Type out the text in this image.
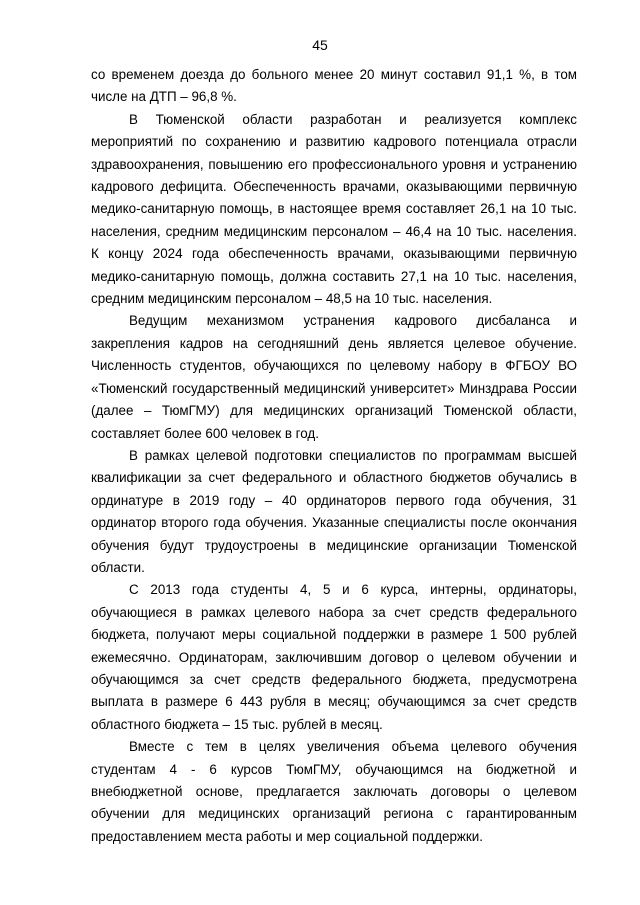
45

со временем доезда до больного менее 20 минут составил 91,1 %, в том числе на ДТП – 96,8 %.

В Тюменской области разработан и реализуется комплекс мероприятий по сохранению и развитию кадрового потенциала отрасли здравоохранения, повышению его профессионального уровня и устранению кадрового дефицита. Обеспеченность врачами, оказывающими первичную медико-санитарную помощь, в настоящее время составляет 26,1 на 10 тыс. населения, средним медицинским персоналом – 46,4 на 10 тыс. населения. К концу 2024 года обеспеченность врачами, оказывающими первичную медико-санитарную помощь, должна составить 27,1 на 10 тыс. населения, средним медицинским персоналом – 48,5 на 10 тыс. населения.

Ведущим механизмом устранения кадрового дисбаланса и закрепления кадров на сегодняшний день является целевое обучение. Численность студентов, обучающихся по целевому набору в ФГБОУ ВО «Тюменский государственный медицинский университет» Минздрава России (далее – ТюмГМУ) для медицинских организаций Тюменской области, составляет более 600 человек в год.

В рамках целевой подготовки специалистов по программам высшей квалификации за счет федерального и областного бюджетов обучались в ординатуре в 2019 году – 40 ординаторов первого года обучения, 31 ординатор второго года обучения. Указанные специалисты после окончания обучения будут трудоустроены в медицинские организации Тюменской области.

С 2013 года студенты 4, 5 и 6 курса, интерны, ординаторы, обучающиеся в рамках целевого набора за счет средств федерального бюджета, получают меры социальной поддержки в размере 1 500 рублей ежемесячно. Ординаторам, заключившим договор о целевом обучении и обучающимся за счет средств федерального бюджета, предусмотрена выплата в размере 6 443 рубля в месяц; обучающимся за счет средств областного бюджета – 15 тыс. рублей в месяц.

Вместе с тем в целях увеличения объема целевого обучения студентам 4 - 6 курсов ТюмГМУ, обучающимся на бюджетной и внебюджетной основе, предлагается заключать договоры о целевом обучении для медицинских организаций региона с гарантированным предоставлением места работы и мер социальной поддержки.
